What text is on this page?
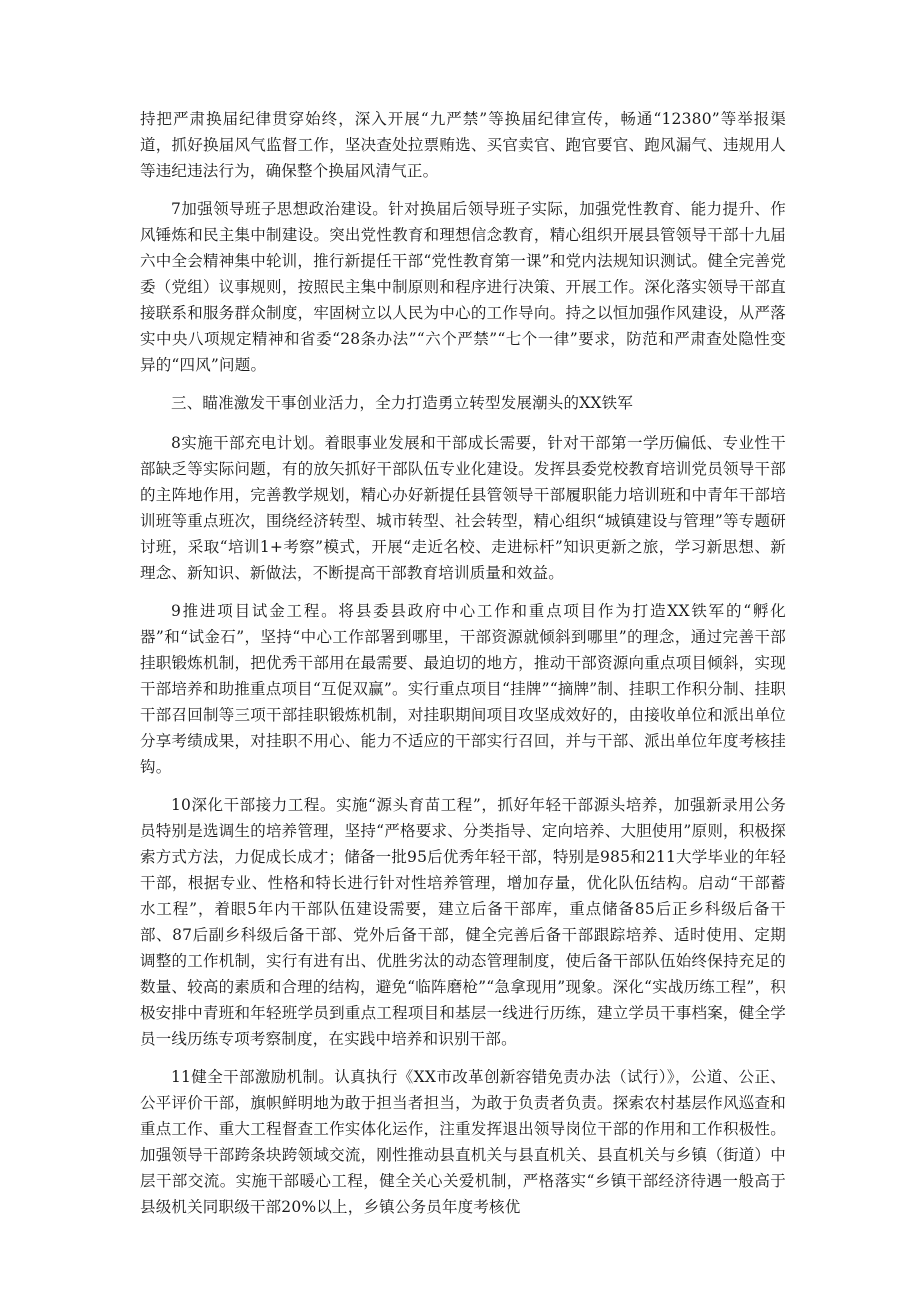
持把严肃换届纪律贯穿始终，深入开展“九严禁”等换届纪律宣传，畅通“12380”等举报渠道，抓好换届风气监督工作，坚决查处拉票贿选、买官卖官、跑官要官、跑风漏气、违规用人等违纪违法行为，确保整个换届风清气正。

7加强领导班子思想政治建设。针对换届后领导班子实际，加强党性教育、能力提升、作风锤炼和民主集中制建设。突出党性教育和理想信念教育，精心组织开展县管领导干部十九届六中全会精神集中轮训，推行新提任干部“党性教育第一课”和党内法规知识测试。健全完善党委（党组）议事规则，按照民主集中制原则和程序进行决策、开展工作。深化落实领导干部直接联系和服务群众制度，牢固树立以人民为中心的工作导向。持之以恒加强作风建设，从严落实中央八项规定精神和省委“28条办法”“六个严禁”“七个一律”要求，防范和严肃查处隐性变异的“四风”问题。

三、瞄准激发干事创业活力，全力打造勇立转型发展潮头的XX铁军

8实施干部充电计划。着眼事业发展和干部成长需要，针对干部第一学历偏低、专业性干部缺乏等实际问题，有的放矢抓好干部队伍专业化建设。发挥县委党校教育培训党员领导干部的主阵地作用，完善教学规划，精心办好新提任县管领导干部履职能力培训班和中青年干部培训班等重点班次，围绕经济转型、城市转型、社会转型，精心组织“城镇建设与管理”等专题研讨班，采取“培训1+考察”模式，开展“走近名校、走进标杆”知识更新之旅，学习新思想、新理念、新知识、新做法，不断提高干部教育培训质量和效益。

9推进项目试金工程。将县委县政府中心工作和重点项目作为打造XX铁军的“孵化器”和“试金石”，坚持“中心工作部署到哪里，干部资源就倾斜到哪里”的理念，通过完善干部挂职锻炼机制，把优秀干部用在最需要、最迫切的地方，推动干部资源向重点项目倾斜，实现干部培养和助推重点项目“互促双赢”。实行重点项目“挂牌”“摘牌”制、挂职工作积分制、挂职干部召回制等三项干部挂职锻炼机制，对挂职期间项目攻坚成效好的，由接收单位和派出单位分享考绩成果，对挂职不用心、能力不适应的干部实行召回，并与干部、派出单位年度考核挂钩。

10深化干部接力工程。实施“源头育苗工程”，抓好年轻干部源头培养，加强新录用公务员特别是选调生的培养管理，坚持“严格要求、分类指导、定向培养、大胆使用”原则，积极探索方式方法，力促成长成才；储备一批95后优秀年轻干部，特别是985和211大学毕业的年轻干部，根据专业、性格和特长进行针对性培养管理，增加存量，优化队伍结构。启动“干部蓄水工程”，着眼5年内干部队伍建设需要，建立后备干部库，重点储备85后正乡科级后备干部、87后副乡科级后备干部、党外后备干部，健全完善后备干部跟踪培养、适时使用、定期调整的工作机制，实行有进有出、优胜劣汰的动态管理制度，使后备干部队伍始终保持充足的数量、较高的素质和合理的结构，避免“临阵磨枪”“急拿现用”现象。深化“实战历练工程”，积极安排中青班和年轻班学员到重点工程项目和基层一线进行历练，建立学员干事档案，健全学员一线历练专项考察制度，在实践中培养和识别干部。

11健全干部激励机制。认真执行《XX市改革创新容错免责办法（试行）》，公道、公正、公平评价干部，旗帜鲜明地为敢于担当者担当，为敢于负责者负责。探索农村基层作风巡查和重点工作、重大工程督查工作实体化运作，注重发挥退出领导岗位干部的作用和工作积极性。加强领导干部跨条块跨领域交流，刚性推动县直机关与县直机关、县直机关与乡镇（街道）中层干部交流。实施干部暖心工程，健全关心关爱机制，严格落实“乡镇干部经济待遇一般高于县级机关同职级干部20%以上，乡镇公务员年度考核优
